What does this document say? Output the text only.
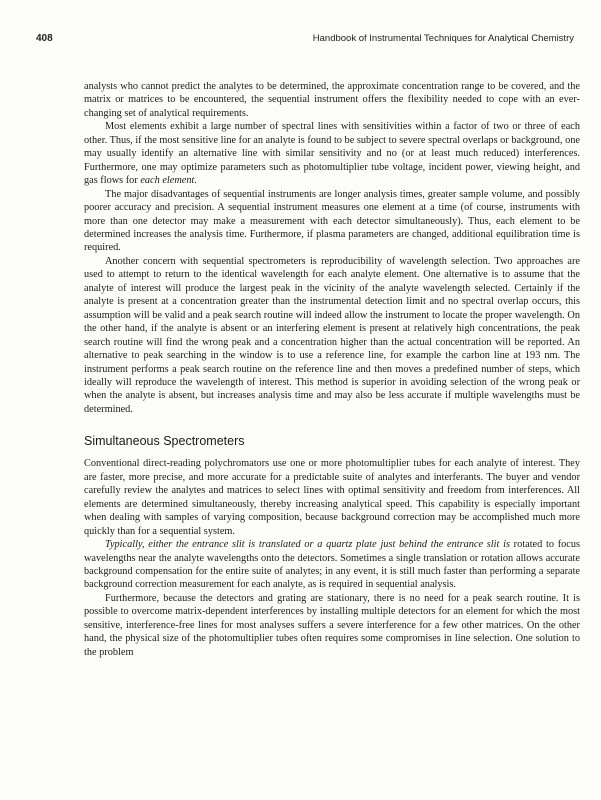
408	Handbook of Instrumental Techniques for Analytical Chemistry

analysts who cannot predict the analytes to be determined, the approximate concentration range to be covered, and the matrix or matrices to be encountered, the sequential instrument offers the flexibility needed to cope with an ever-changing set of analytical requirements.

Most elements exhibit a large number of spectral lines with sensitivities within a factor of two or three of each other. Thus, if the most sensitive line for an analyte is found to be subject to severe spectral overlaps or background, one may usually identify an alternative line with similar sensitivity and no (or at least much reduced) interferences. Furthermore, one may optimize parameters such as photomultiplier tube voltage, incident power, viewing height, and gas flows for each element.

The major disadvantages of sequential instruments are longer analysis times, greater sample volume, and possibly poorer accuracy and precision. A sequential instrument measures one element at a time (of course, instruments with more than one detector may make a measurement with each detector simultaneously). Thus, each element to be determined increases the analysis time. Furthermore, if plasma parameters are changed, additional equilibration time is required.

Another concern with sequential spectrometers is reproducibility of wavelength selection. Two approaches are used to attempt to return to the identical wavelength for each analyte element. One alternative is to assume that the analyte of interest will produce the largest peak in the vicinity of the analyte wavelength selected. Certainly if the analyte is present at a concentration greater than the instrumental detection limit and no spectral overlap occurs, this assumption will be valid and a peak search routine will indeed allow the instrument to locate the proper wavelength. On the other hand, if the analyte is absent or an interfering element is present at relatively high concentrations, the peak search routine will find the wrong peak and a concentration higher than the actual concentration will be reported. An alternative to peak searching in the window is to use a reference line, for example the carbon line at 193 nm. The instrument performs a peak search routine on the reference line and then moves a predefined number of steps, which ideally will reproduce the wavelength of interest. This method is superior in avoiding selection of the wrong peak or when the analyte is absent, but increases analysis time and may also be less accurate if multiple wavelengths must be determined.

Simultaneous Spectrometers

Conventional direct-reading polychromators use one or more photomultiplier tubes for each analyte of interest. They are faster, more precise, and more accurate for a predictable suite of analytes and interferants. The buyer and vendor carefully review the analytes and matrices to select lines with optimal sensitivity and freedom from interferences. All elements are determined simultaneously, thereby increasing analytical speed. This capability is especially important when dealing with samples of varying composition, because background correction may be accomplished much more quickly than for a sequential system.

Typically, either the entrance slit is translated or a quartz plate just behind the entrance slit is rotated to focus wavelengths near the analyte wavelengths onto the detectors. Sometimes a single translation or rotation allows accurate background compensation for the entire suite of analytes; in any event, it is still much faster than performing a separate background correction measurement for each analyte, as is required in sequential analysis.

Furthermore, because the detectors and grating are stationary, there is no need for a peak search routine. It is possible to overcome matrix-dependent interferences by installing multiple detectors for an element for which the most sensitive, interference-free lines for most analyses suffers a severe interference for a few other matrices. On the other hand, the physical size of the photomultiplier tubes often requires some compromises in line selection. One solution to the problem
